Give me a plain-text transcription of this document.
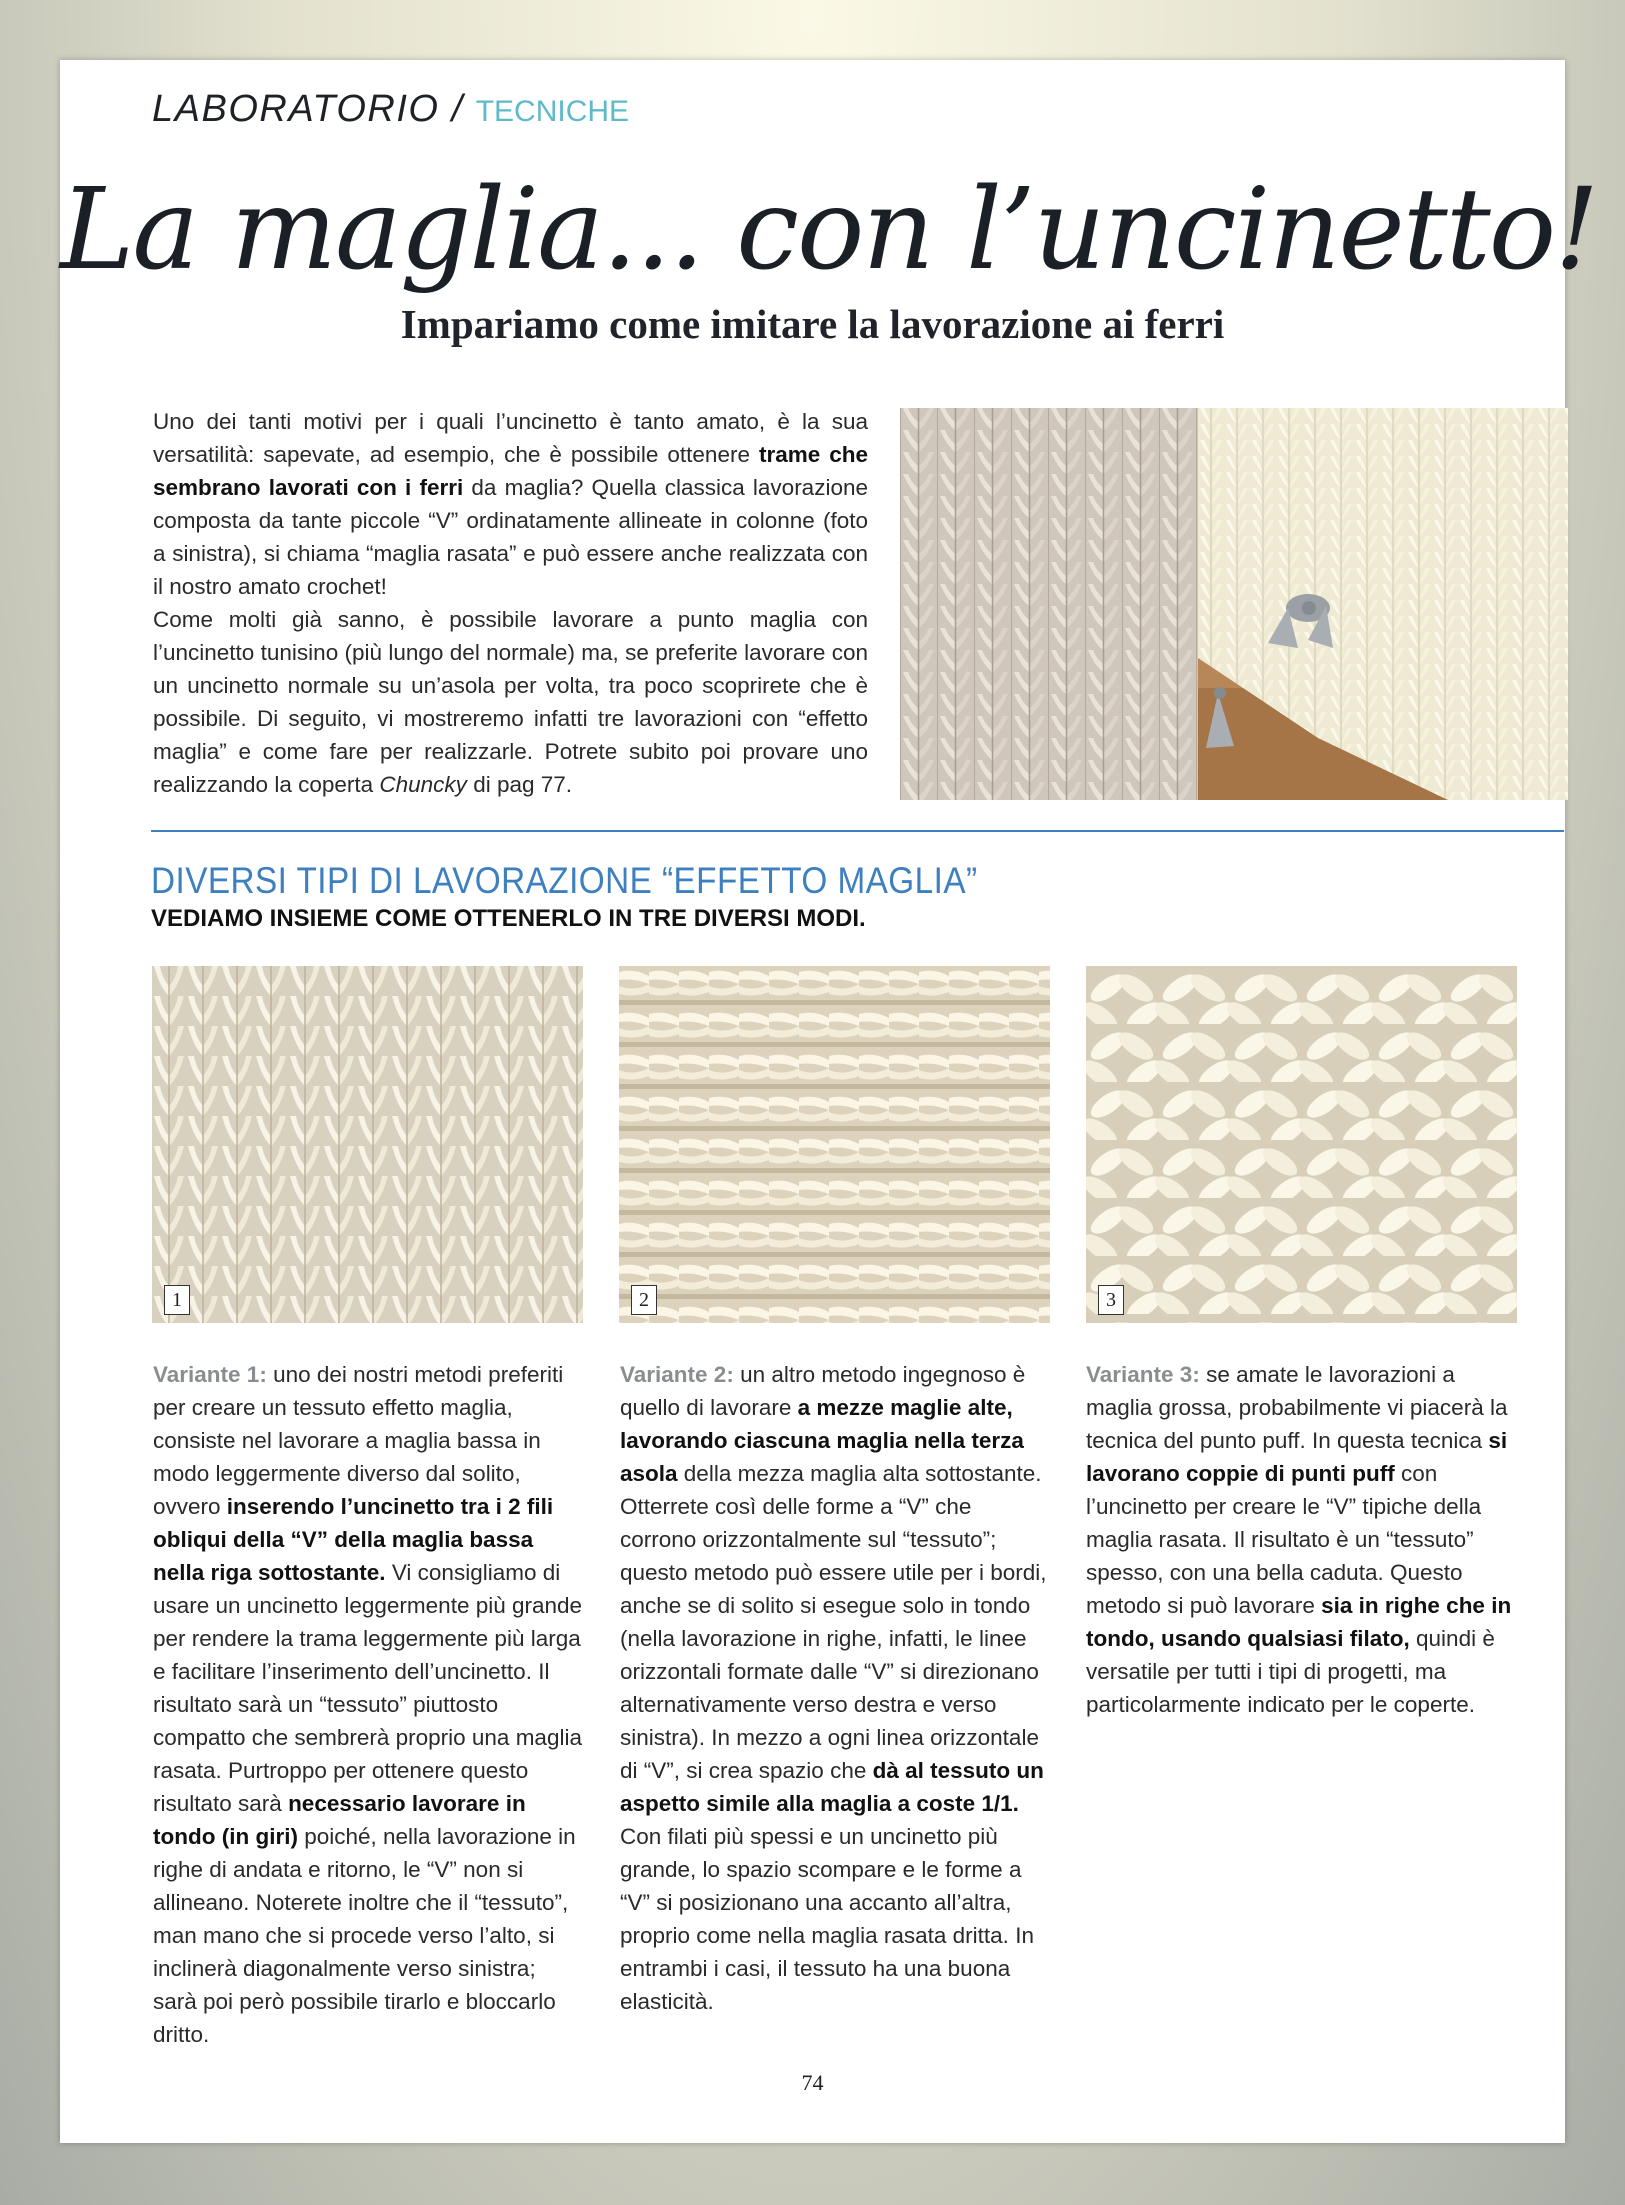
LABORATORIO / TECNICHE
La maglia... con l’uncinetto!
Impariamo come imitare la lavorazione ai ferri
Uno dei tanti motivi per i quali l’uncinetto è tanto amato, è la sua versatilità: sapevate, ad esempio, che è possibile ottenere trame che sembrano lavorati con i ferri da maglia? Quella classica lavorazione composta da tante piccole “V” ordinatamente allineate in colonne (foto a sinistra), si chiama “maglia rasata” e può essere anche realizzata con il nostro amato crochet!
Come molti già sanno, è possibile lavorare a punto maglia con l’uncinetto tunisino (più lungo del normale) ma, se preferite lavorare con un uncinetto normale su un’asola per volta, tra poco scoprirete che è possibile. Di seguito, vi mostreremo infatti tre lavorazioni con “effetto maglia” e come fare per realizzarle. Potrete subito poi provare uno realizzando la coperta Chuncky di pag 77.
DIVERSI TIPI DI LAVORAZIONE “EFFETTO MAGLIA”
VEDIAMO INSIEME COME OTTENERLO IN TRE DIVERSI MODI.
1	2	3
Variante 1: uno dei nostri metodi preferiti per creare un tessuto effetto maglia, consiste nel lavorare a maglia bassa in modo leggermente diverso dal solito, ovvero inserendo l’uncinetto tra i 2 fili obliqui della “V” della maglia bassa nella riga sottostante. Vi consigliamo di usare un uncinetto leggermente più grande per rendere la trama leggermente più larga e facilitare l’inserimento dell’uncinetto. Il risultato sarà un “tessuto” piuttosto compatto che sembrerà proprio una maglia rasata. Purtroppo per ottenere questo risultato sarà necessario lavorare in tondo (in giri) poiché, nella lavorazione in righe di andata e ritorno, le “V” non si allineano. Noterete inoltre che il “tessuto”, man mano che si procede verso l’alto, si inclinerà diagonalmente verso sinistra; sarà poi però possibile tirarlo e bloccarlo dritto.
Variante 2: un altro metodo ingegnoso è quello di lavorare a mezze maglie alte, lavorando ciascuna maglia nella terza asola della mezza maglia alta sottostante. Otterrete così delle forme a “V” che corrono orizzontalmente sul “tessuto”; questo metodo può essere utile per i bordi, anche se di solito si esegue solo in tondo (nella lavorazione in righe, infatti, le linee orizzontali formate dalle “V” si direzionano alternativamente verso destra e verso sinistra). In mezzo a ogni linea orizzontale di “V”, si crea spazio che dà al tessuto un aspetto simile alla maglia a coste 1/1. Con filati più spessi e un uncinetto più grande, lo spazio scompare e le forme a “V” si posizionano una accanto all’altra, proprio come nella maglia rasata dritta. In entrambi i casi, il tessuto ha una buona elasticità.
Variante 3: se amate le lavorazioni a maglia grossa, probabilmente vi piacerà la tecnica del punto puff. In questa tecnica si lavorano coppie di punti puff con l’uncinetto per creare le “V” tipiche della maglia rasata. Il risultato è un “tessuto” spesso, con una bella caduta. Questo metodo si può lavorare sia in righe che in tondo, usando qualsiasi filato, quindi è versatile per tutti i tipi di progetti, ma particolarmente indicato per le coperte.
74
